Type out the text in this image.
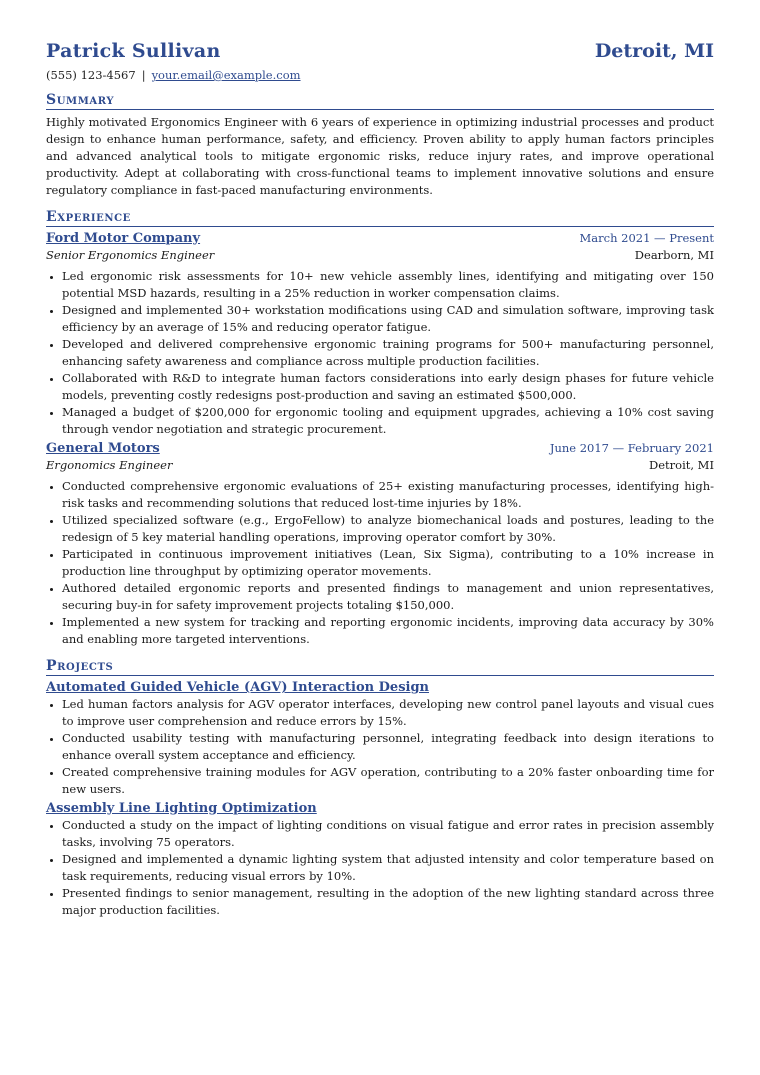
Patrick Sullivan	Detroit, MI
(555) 123-4567 | your.email@example.com
Summary
Highly motivated Ergonomics Engineer with 6 years of experience in optimizing industrial processes and product design to enhance human performance, safety, and efficiency. Proven ability to apply human factors principles and advanced analytical tools to mitigate ergonomic risks, reduce injury rates, and improve operational productivity. Adept at collaborating with cross-functional teams to implement innovative solutions and ensure regulatory compliance in fast-paced manufacturing environments.
Experience
Ford Motor Company	March 2021 — Present
Senior Ergonomics Engineer	Dearborn, MI
• Led ergonomic risk assessments for 10+ new vehicle assembly lines, identifying and mitigating over 150 potential MSD hazards, resulting in a 25% reduction in worker compensation claims.
• Designed and implemented 30+ workstation modifications using CAD and simulation software, improving task efficiency by an average of 15% and reducing operator fatigue.
• Developed and delivered comprehensive ergonomic training programs for 500+ manufacturing personnel, enhancing safety awareness and compliance across multiple production facilities.
• Collaborated with R&D to integrate human factors considerations into early design phases for future vehicle models, preventing costly redesigns post-production and saving an estimated $500,000.
• Managed a budget of $200,000 for ergonomic tooling and equipment upgrades, achieving a 10% cost saving through vendor negotiation and strategic procurement.
General Motors	June 2017 — February 2021
Ergonomics Engineer	Detroit, MI
• Conducted comprehensive ergonomic evaluations of 25+ existing manufacturing processes, identifying high-risk tasks and recommending solutions that reduced lost-time injuries by 18%.
• Utilized specialized software (e.g., ErgoFellow) to analyze biomechanical loads and postures, leading to the redesign of 5 key material handling operations, improving operator comfort by 30%.
• Participated in continuous improvement initiatives (Lean, Six Sigma), contributing to a 10% increase in production line throughput by optimizing operator movements.
• Authored detailed ergonomic reports and presented findings to management and union representatives, securing buy-in for safety improvement projects totaling $150,000.
• Implemented a new system for tracking and reporting ergonomic incidents, improving data accuracy by 30% and enabling more targeted interventions.
Projects
Automated Guided Vehicle (AGV) Interaction Design
• Led human factors analysis for AGV operator interfaces, developing new control panel layouts and visual cues to improve user comprehension and reduce errors by 15%.
• Conducted usability testing with manufacturing personnel, integrating feedback into design iterations to enhance overall system acceptance and efficiency.
• Created comprehensive training modules for AGV operation, contributing to a 20% faster onboarding time for new users.
Assembly Line Lighting Optimization
• Conducted a study on the impact of lighting conditions on visual fatigue and error rates in precision assembly tasks, involving 75 operators.
• Designed and implemented a dynamic lighting system that adjusted intensity and color temperature based on task requirements, reducing visual errors by 10%.
• Presented findings to senior management, resulting in the adoption of the new lighting standard across three major production facilities.
